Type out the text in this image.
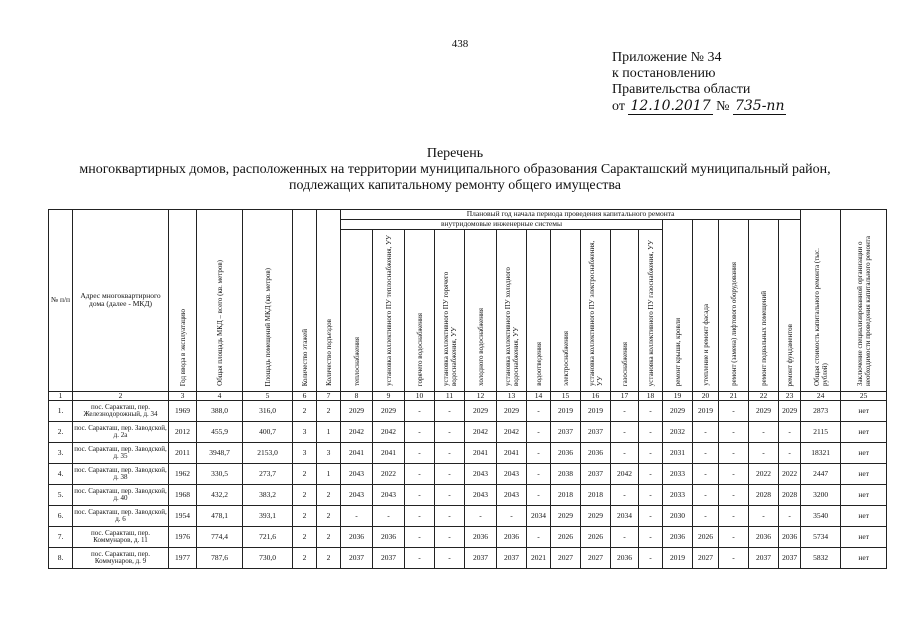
438
Приложение № 34
к постановлению
Правительства области
от 12.10.2017 № 735-пп
Перечень
многоквартирных домов, расположенных на территории муниципального образования Саракташский муниципальный район,
подлежащих капитальному ремонту общего имущества
№ п/п	Адрес многоквартирного дома (далее - МКД)	Год ввода в эксплуатацию	Общая площадь МКД – всего (кв. метров)	Площадь помещений МКД (кв. метров)	Количество этажей	Количество подъездов	Плановый год начала периода проведения капитального ремонта																Общая стоимость капитального ремонта (тыс. рублей)	Заключение специализированной организации о необходимости проведения капитального ремонта
							внутридомовые инженерные системы											ремонт крыши, кровли	утепление и ремонт фасада	ремонт (замена) лифтового оборудования	ремонт подвальных помещений	ремонт фундаментов		
							теплоснабжения	установка коллективного ПУ теплоснабжения, УУ	горячего водоснабжения	установка коллективного ПУ горячего водоснабжения, УУ	холодного водоснабжения	установка коллективного ПУ холодного водоснабжения, УУ	водоотведения	электроснабжения	установка коллективного ПУ электроснабжения, УУ	газоснабжения	установка коллективного ПУ газоснабжения, УУ							
1	2	3	4	5	6	7	8	9	10	11	12	13	14	15	16	17	18	19	20	21	22	23	24	25
1.	пос. Саракташ, пер. Железнодорожный, д. 34	1969	388,0	316,0	2	2	2029	2029	-	-	2029	2029	-	2019	2019	-	-	2029	2019	-	2029	2029	2873	нет
2.	пос. Саракташ, пер. Заводской, д. 2а	2012	455,9	400,7	3	1	2042	2042	-	-	2042	2042	-	2037	2037	-	-	2032	-	-	-	-	2115	нет
3.	пос. Саракташ, пер. Заводской, д. 35	2011	3948,7	2153,0	3	3	2041	2041	-	-	2041	2041	-	2036	2036	-	-	2031	-	-	-	-	18321	нет
4.	пос. Саракташ, пер. Заводской, д. 38	1962	330,5	273,7	2	1	2043	2022	-	-	2043	2043	-	2038	2037	2042	-	2033	-	-	2022	2022	2447	нет
5.	пос. Саракташ, пер. Заводской, д. 40	1968	432,2	383,2	2	2	2043	2043	-	-	2043	2043	-	2018	2018	-	-	2033	-	-	2028	2028	3200	нет
6.	пос. Саракташ, пер. Заводской, д. 6	1954	478,1	393,1	2	2	-	-	-	-	-	-	2034	2029	2029	2034	-	2030	-	-	-	-	3540	нет
7.	пос. Саракташ, пер. Коммунаров, д. 11	1976	774,4	721,6	2	2	2036	2036	-	-	2036	2036	-	2026	2026	-	-	2036	2026	-	2036	2036	5734	нет
8.	пос. Саракташ, пер. Коммунаров, д. 9	1977	787,6	730,0	2	2	2037	2037	-	-	2037	2037	2021	2027	2027	2036	-	2019	2027	-	2037	2037	5832	нет
